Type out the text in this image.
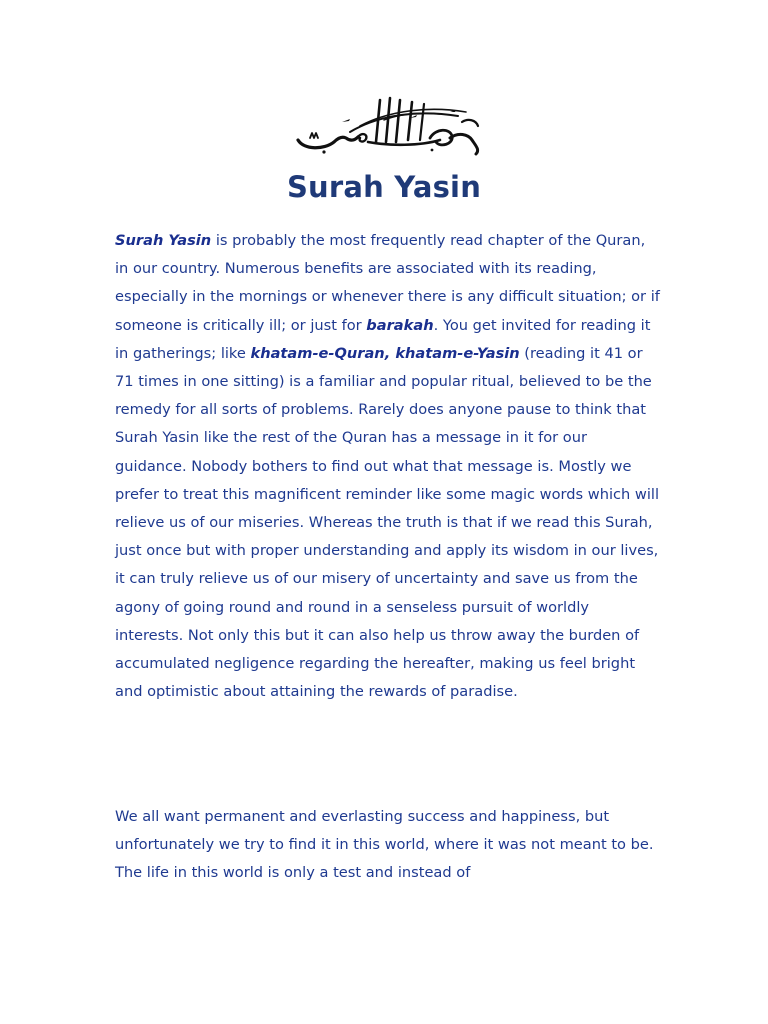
Surah Yasin

Surah Yasin is probably the most frequently read chapter of the Quran, in our country. Numerous benefits are associated with its reading, especially in the mornings or whenever there is any difficult situation; or if someone is critically ill; or just for barakah. You get invited for reading it in gatherings; like khatam-e-Quran, khatam-e-Yasin (reading it 41 or 71 times in one sitting) is a familiar and popular ritual, believed to be the remedy for all sorts of problems. Rarely does anyone pause to think that Surah Yasin like the rest of the Quran has a message in it for our guidance. Nobody bothers to find out what that message is. Mostly we prefer to treat this magnificent reminder like some magic words which will relieve us of our miseries. Whereas the truth is that if we read this Surah, just once but with proper understanding and apply its wisdom in our lives, it can truly relieve us of our misery of uncertainty and save us from the agony of going round and round in a senseless pursuit of worldly interests. Not only this but it can also help us throw away the burden of accumulated negligence regarding the hereafter, making us feel bright and optimistic about attaining the rewards of paradise.

We all want permanent and everlasting success and happiness, but unfortunately we try to find it in this world, where it was not meant to be. The life in this world is only a test and instead of
